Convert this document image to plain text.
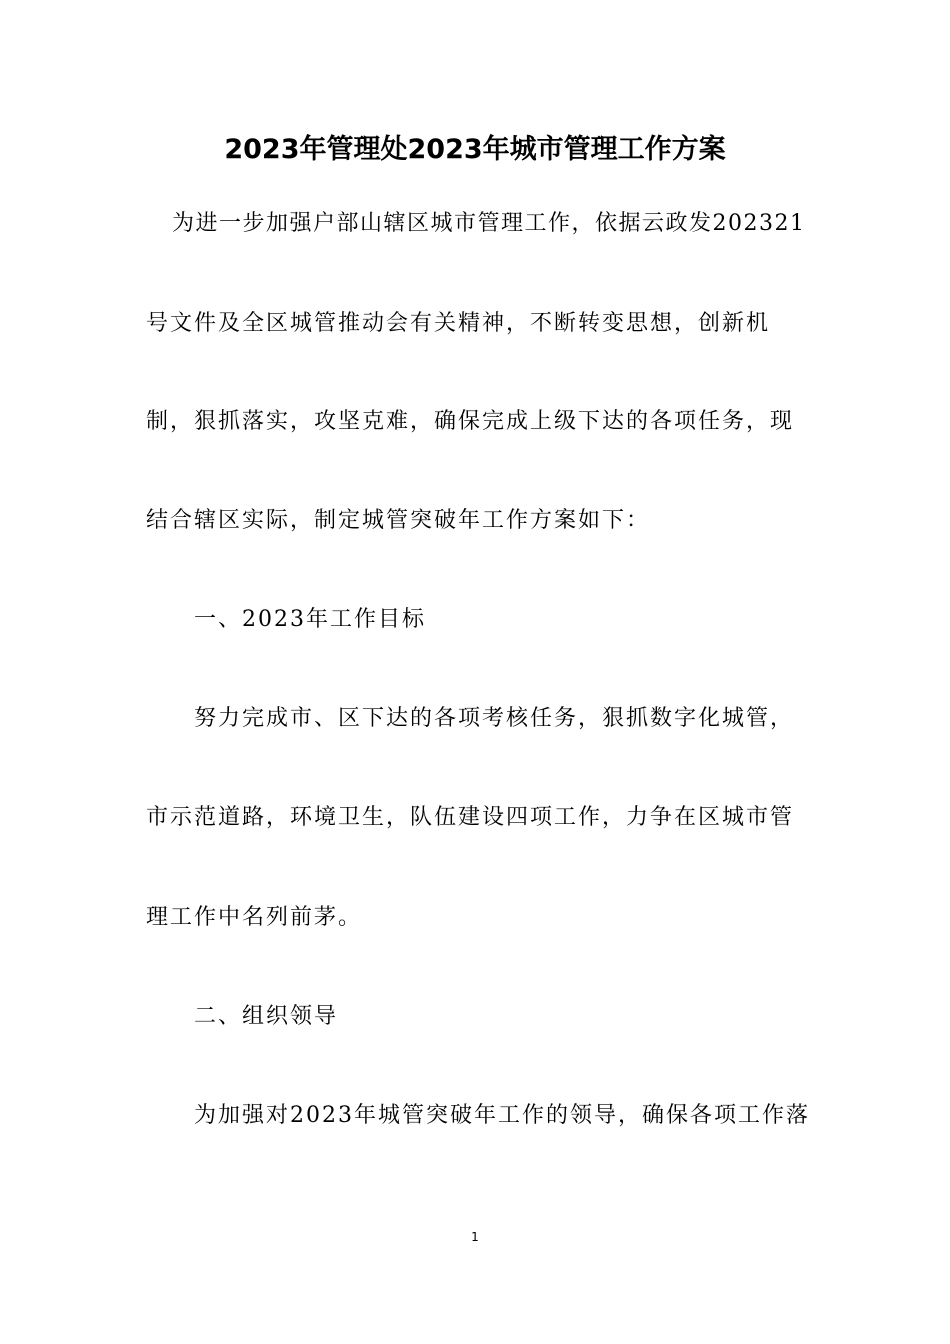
2023年管理处2023年城市管理工作方案
为进一步加强户部山辖区城市管理工作，依据云政发202321
号文件及全区城管推动会有关精神，不断转变思想，创新机
制，狠抓落实，攻坚克难，确保完成上级下达的各项任务，现
结合辖区实际，制定城管突破年工作方案如下：
一、2023年工作目标
努力完成市、区下达的各项考核任务，狠抓数字化城管，
市示范道路，环境卫生，队伍建设四项工作，力争在区城市管
理工作中名列前茅。
二、组织领导
为加强对2023年城管突破年工作的领导，确保各项工作落
1
